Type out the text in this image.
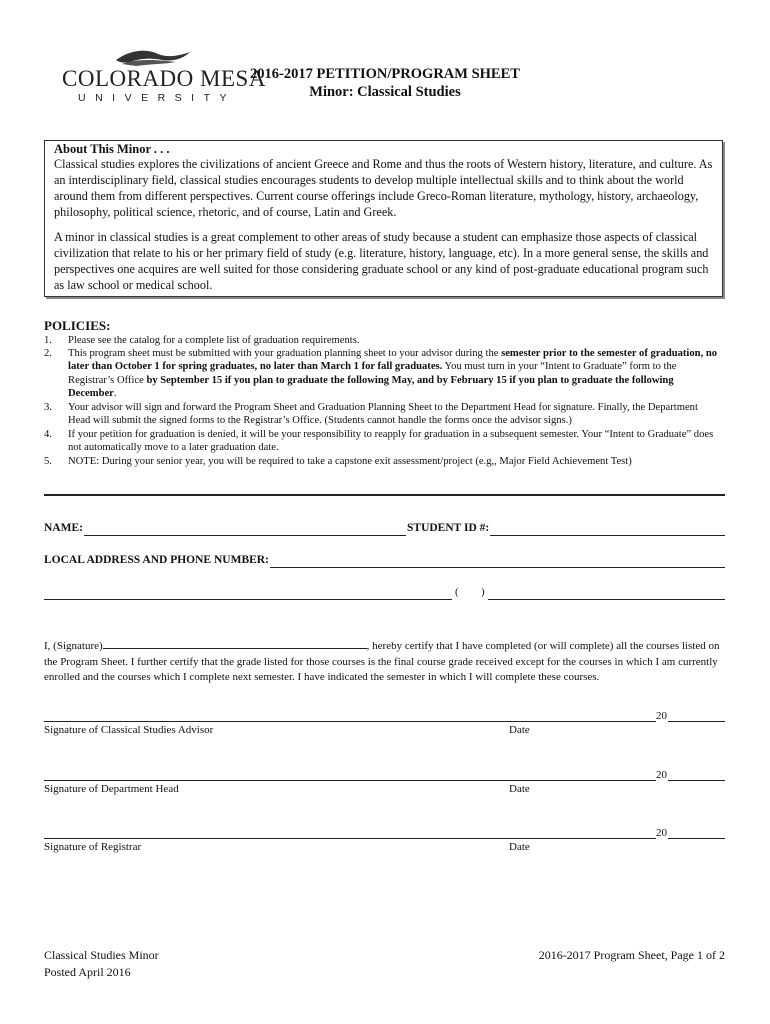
COLORADO MESA
UNIVERSITY
2016-2017 PETITION/PROGRAM SHEET
Minor: Classical Studies
About This Minor . . .
Classical studies explores the civilizations of ancient Greece and Rome and thus the roots of Western history, literature, and culture. As an interdisciplinary field, classical studies encourages students to develop multiple intellectual skills and to think about the world around them from different perspectives. Current course offerings include Greco-Roman literature, mythology, history, archaeology, philosophy, political science, rhetoric, and of course, Latin and Greek.
A minor in classical studies is a great complement to other areas of study because a student can emphasize those aspects of classical civilization that relate to his or her primary field of study (e.g. literature, history, language, etc). In a more general sense, the skills and perspectives one acquires are well suited for those considering graduate school or any kind of post-graduate educational program such as law school or medical school.
POLICIES:
1. Please see the catalog for a complete list of graduation requirements.
2. This program sheet must be submitted with your graduation planning sheet to your advisor during the semester prior to the semester of graduation, no later than October 1 for spring graduates, no later than March 1 for fall graduates. You must turn in your “Intent to Graduate” form to the Registrar’s Office by September 15 if you plan to graduate the following May, and by February 15 if you plan to graduate the following December.
3. Your advisor will sign and forward the Program Sheet and Graduation Planning Sheet to the Department Head for signature. Finally, the Department Head will submit the signed forms to the Registrar’s Office. (Students cannot handle the forms once the advisor signs.)
4. If your petition for graduation is denied, it will be your responsibility to reapply for graduation in a subsequent semester. Your “Intent to Graduate” does not automatically move to a later graduation date.
5. NOTE: During your senior year, you will be required to take a capstone exit assessment/project (e.g,, Major Field Achievement Test)
NAME:	STUDENT ID #:
LOCAL ADDRESS AND PHONE NUMBER:
( )
I, (Signature)	, hereby certify that I have completed (or will complete) all the courses listed on the Program Sheet. I further certify that the grade listed for those courses is the final course grade received except for the courses in which I am currently enrolled and the courses which I complete next semester. I have indicated the semester in which I will complete these courses.
20
Signature of Classical Studies Advisor	Date
20
Signature of Department Head	Date
20
Signature of Registrar	Date
Classical Studies Minor
Posted April 2016
2016-2017 Program Sheet, Page 1 of 2
